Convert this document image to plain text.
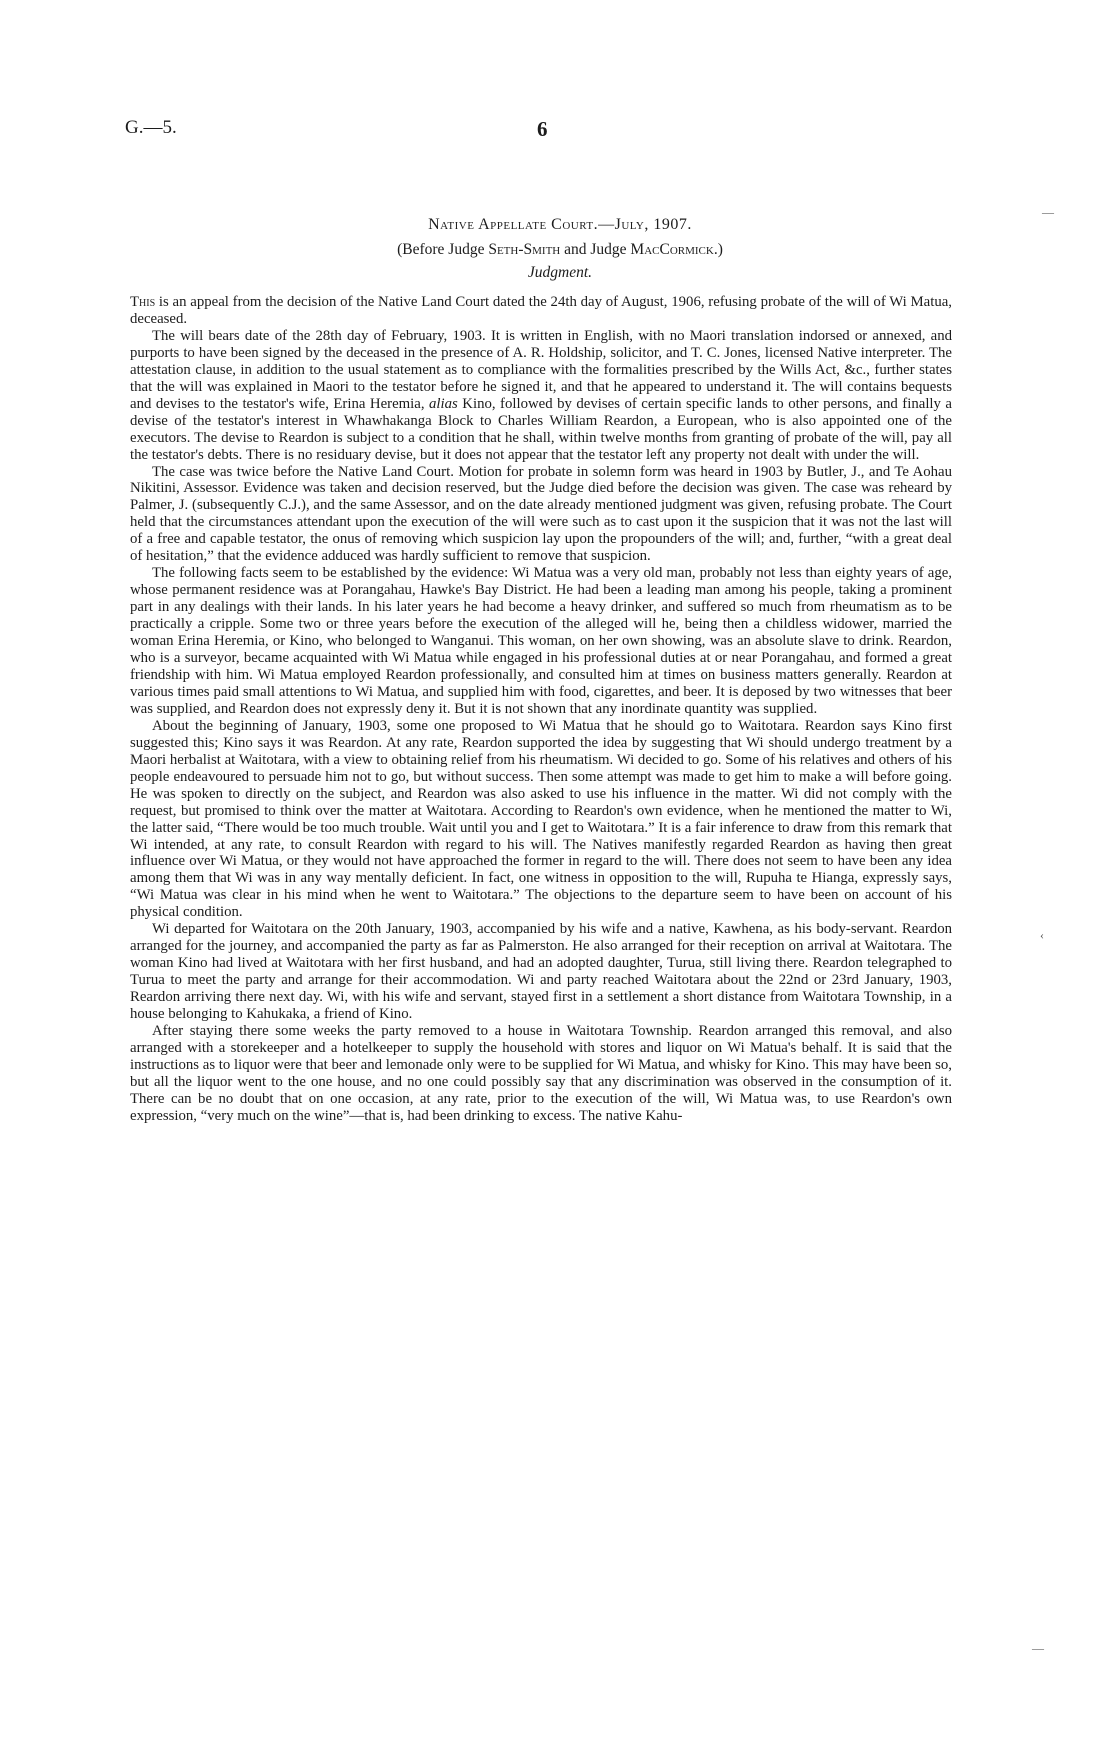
G.—5.	6

Native Appellate Court.—July, 1907.

(Before Judge Seth-Smith and Judge MacCormick.)

Judgment.

This is an appeal from the decision of the Native Land Court dated the 24th day of August, 1906, refusing probate of the will of Wi Matua, deceased.

The will bears date of the 28th day of February, 1903. It is written in English, with no Maori translation indorsed or annexed, and purports to have been signed by the deceased in the presence of A. R. Holdship, solicitor, and T. C. Jones, licensed Native interpreter. The attestation clause, in addition to the usual statement as to compliance with the formalities prescribed by the Wills Act, &c., further states that the will was explained in Maori to the testator before he signed it, and that he appeared to understand it. The will contains bequests and devises to the testator's wife, Erina Heremia, alias Kino, followed by devises of certain specific lands to other persons, and finally a devise of the testator's interest in Whawhakanga Block to Charles William Reardon, a European, who is also appointed one of the executors. The devise to Reardon is subject to a condition that he shall, within twelve months from granting of probate of the will, pay all the testator's debts. There is no residuary devise, but it does not appear that the testator left any property not dealt with under the will.

The case was twice before the Native Land Court. Motion for probate in solemn form was heard in 1903 by Butler, J., and Te Aohau Nikitini, Assessor. Evidence was taken and decision reserved, but the Judge died before the decision was given. The case was reheard by Palmer, J. (subsequently C.J.), and the same Assessor, and on the date already mentioned judgment was given, refusing probate. The Court held that the circumstances attendant upon the execution of the will were such as to cast upon it the suspicion that it was not the last will of a free and capable testator, the onus of removing which suspicion lay upon the propounders of the will; and, further, “with a great deal of hesitation,” that the evidence adduced was hardly sufficient to remove that suspicion.

The following facts seem to be established by the evidence: Wi Matua was a very old man, probably not less than eighty years of age, whose permanent residence was at Porangahau, Hawke's Bay District. He had been a leading man among his people, taking a prominent part in any dealings with their lands. In his later years he had become a heavy drinker, and suffered so much from rheumatism as to be practically a cripple. Some two or three years before the execution of the alleged will he, being then a childless widower, married the woman Erina Heremia, or Kino, who belonged to Wanganui. This woman, on her own showing, was an absolute slave to drink. Reardon, who is a surveyor, became acquainted with Wi Matua while engaged in his professional duties at or near Porangahau, and formed a great friendship with him. Wi Matua employed Reardon professionally, and consulted him at times on business matters generally. Reardon at various times paid small attentions to Wi Matua, and supplied him with food, cigarettes, and beer. It is deposed by two witnesses that beer was supplied, and Reardon does not expressly deny it. But it is not shown that any inordinate quantity was supplied.

About the beginning of January, 1903, some one proposed to Wi Matua that he should go to Waitotara. Reardon says Kino first suggested this; Kino says it was Reardon. At any rate, Reardon supported the idea by suggesting that Wi should undergo treatment by a Maori herbalist at Waitotara, with a view to obtaining relief from his rheumatism. Wi decided to go. Some of his relatives and others of his people endeavoured to persuade him not to go, but without success. Then some attempt was made to get him to make a will before going. He was spoken to directly on the subject, and Reardon was also asked to use his influence in the matter. Wi did not comply with the request, but promised to think over the matter at Waitotara. According to Reardon's own evidence, when he mentioned the matter to Wi, the latter said, “There would be too much trouble. Wait until you and I get to Waitotara.” It is a fair inference to draw from this remark that Wi intended, at any rate, to consult Reardon with regard to his will. The Natives manifestly regarded Reardon as having then great influence over Wi Matua, or they would not have approached the former in regard to the will. There does not seem to have been any idea among them that Wi was in any way mentally deficient. In fact, one witness in opposition to the will, Rupuha te Hianga, expressly says, “Wi Matua was clear in his mind when he went to Waitotara.” The objections to the departure seem to have been on account of his physical condition.

Wi departed for Waitotara on the 20th January, 1903, accompanied by his wife and a native, Kawhena, as his body-servant. Reardon arranged for the journey, and accompanied the party as far as Palmerston. He also arranged for their reception on arrival at Waitotara. The woman Kino had lived at Waitotara with her first husband, and had an adopted daughter, Turua, still living there. Reardon telegraphed to Turua to meet the party and arrange for their accommodation. Wi and party reached Waitotara about the 22nd or 23rd January, 1903, Reardon arriving there next day. Wi, with his wife and servant, stayed first in a settlement a short distance from Waitotara Township, in a house belonging to Kahukaka, a friend of Kino.

After staying there some weeks the party removed to a house in Waitotara Township. Reardon arranged this removal, and also arranged with a storekeeper and a hotelkeeper to supply the household with stores and liquor on Wi Matua's behalf. It is said that the instructions as to liquor were that beer and lemonade only were to be supplied for Wi Matua, and whisky for Kino. This may have been so, but all the liquor went to the one house, and no one could possibly say that any discrimination was observed in the consumption of it. There can be no doubt that on one occasion, at any rate, prior to the execution of the will, Wi Matua was, to use Reardon's own expression, “very much on the wine”—that is, had been drinking to excess. The native Kahu-

—
‹
—
